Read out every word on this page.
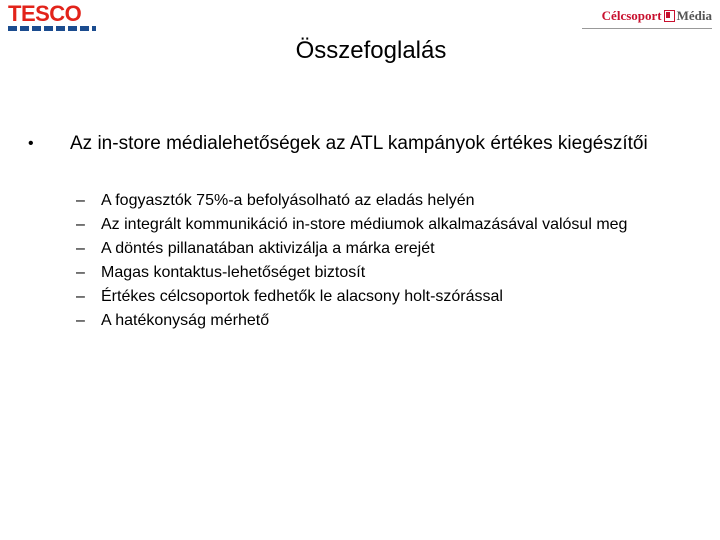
TESCO	Célcsoport Média
Összefoglalás
• Az in-store médialehetőségek az ATL kampányok értékes kiegészítői
– A fogyasztók 75%-a befolyásolható az eladás helyén
– Az integrált kommunikáció in-store médiumok alkalmazásával valósul meg
– A döntés pillanatában aktivizálja a márka erejét
– Magas kontaktus-lehetőséget biztosít
– Értékes célcsoportok fedhetők le alacsony holt-szórással
– A hatékonyság mérhető
